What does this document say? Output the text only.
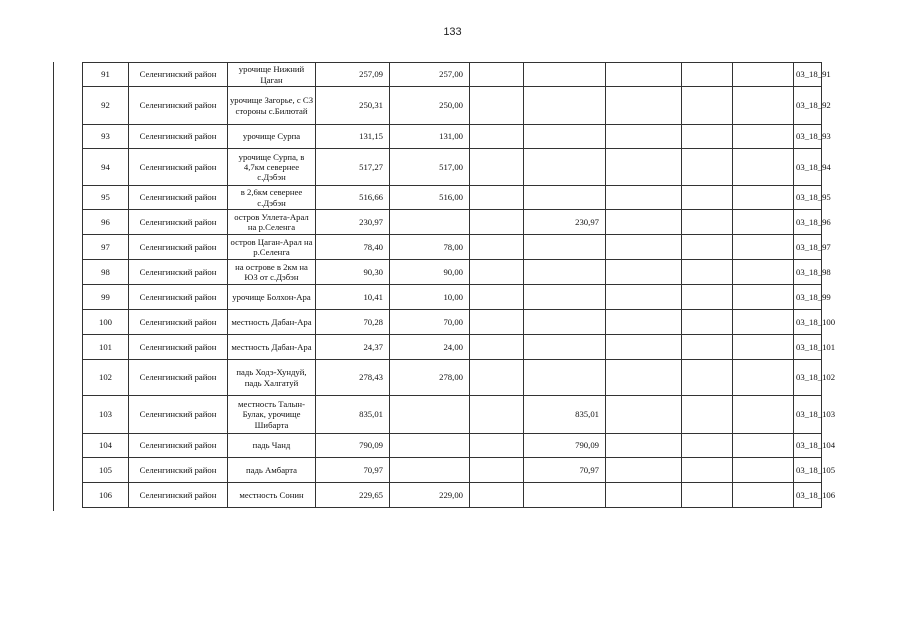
133
91	Селенгинский район	урочище Нижний Цаган	257,09	257,00						03_18_91
92	Селенгинский район	урочище Загорье, с СЗ стороны с.Билютай	250,31	250,00						03_18_92
93	Селенгинский район	урочище Сурпа	131,15	131,00						03_18_93
94	Селенгинский район	урочище Сурпа, в 4,7км севернее с.Дэбэн	517,27	517,00						03_18_94
95	Селенгинский район	в 2,6км севернее с.Дэбэн	516,66	516,00						03_18_95
96	Селенгинский район	остров Уллета-Арал на р.Селенга	230,97			230,97				03_18_96
97	Селенгинский район	остров Цаган-Арал на р.Селенга	78,40	78,00						03_18_97
98	Селенгинский район	на острове в 2км на ЮЗ от с.Дэбэн	90,30	90,00						03_18_98
99	Селенгинский район	урочище Болхон-Ара	10,41	10,00						03_18_99
100	Селенгинский район	местность Дабан-Ара	70,28	70,00						03_18_100
101	Селенгинский район	местность Дабан-Ара	24,37	24,00						03_18_101
102	Селенгинский район	падь Ходэ-Хундуй, падь Халгатуй	278,43	278,00						03_18_102
103	Селенгинский район	местность Талын-Булак, урочище Шибарта	835,01			835,01				03_18_103
104	Селенгинский район	падь Чанд	790,09			790,09				03_18_104
105	Селенгинский район	падь Амбарта	70,97			70,97				03_18_105
106	Селенгинский район	местность Сонин	229,65	229,00						03_18_106
